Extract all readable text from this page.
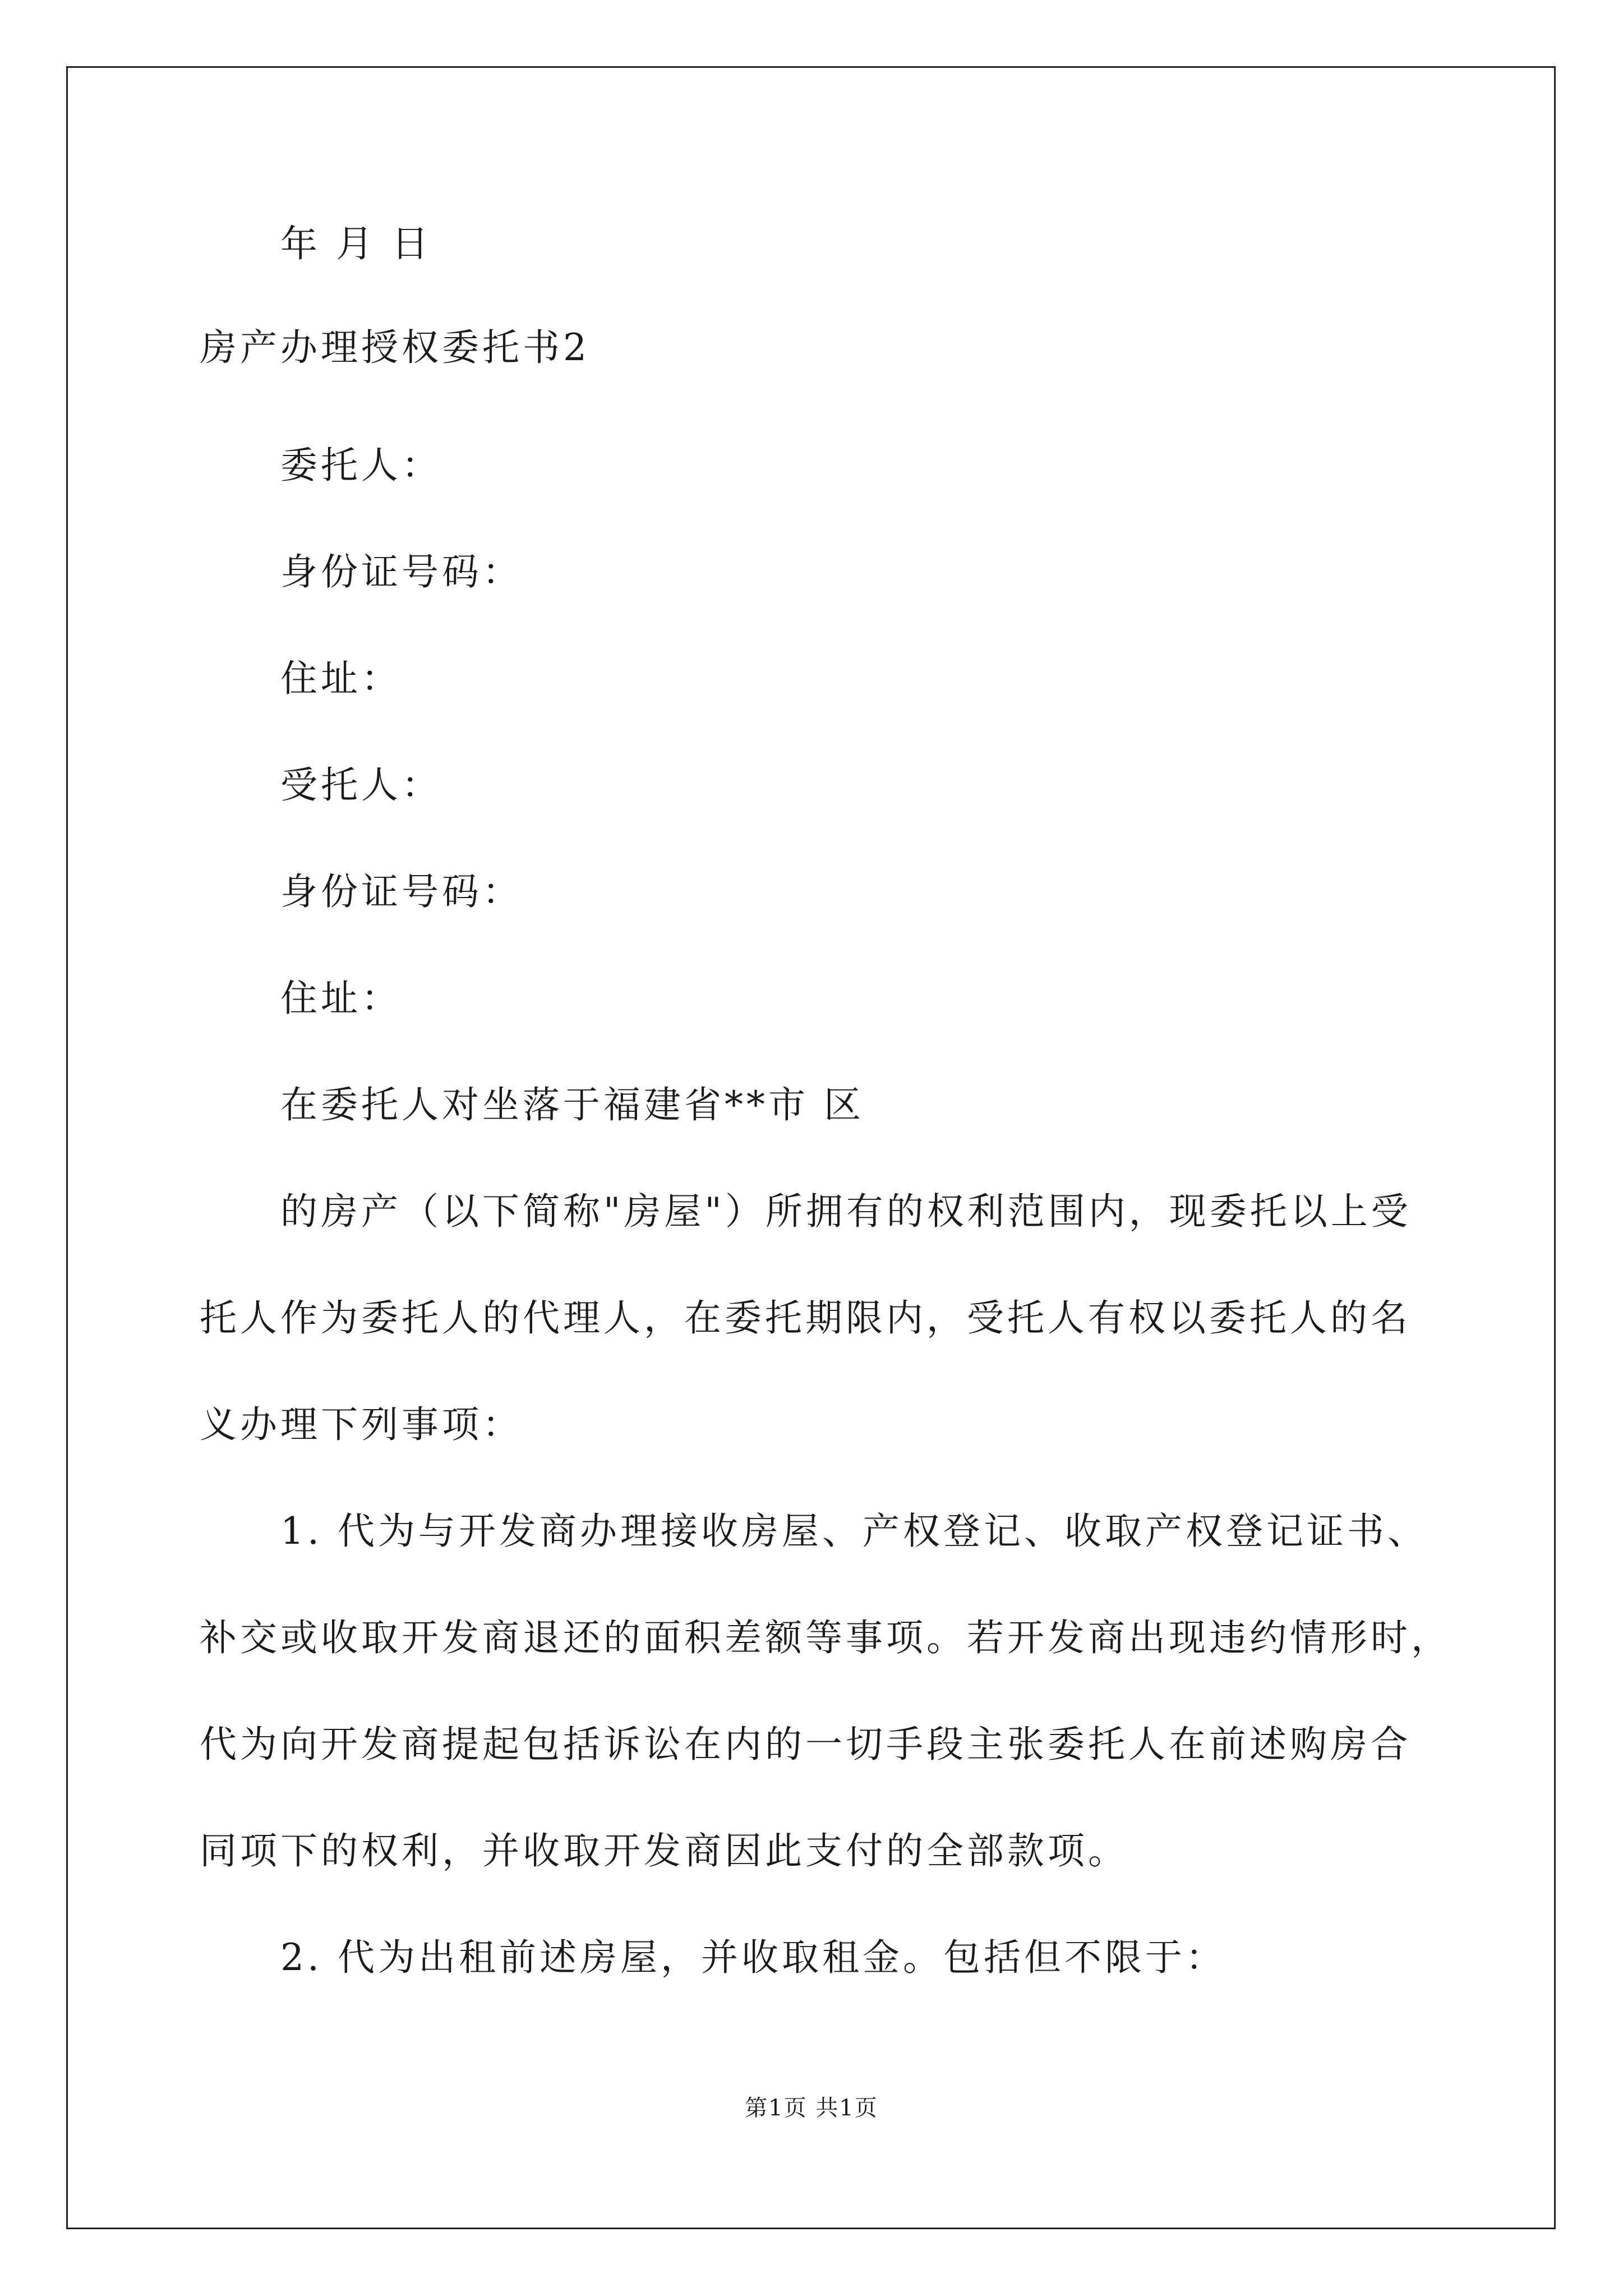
年 月 日
房产办理授权委托书2
委托人：
身份证号码：
住址：
受托人：
身份证号码：
住址：
在委托人对坐落于福建省**市 区
的房产（以下简称"房屋"）所拥有的权利范围内，现委托以上受
托人作为委托人的代理人，在委托期限内，受托人有权以委托人的名
义办理下列事项：
1. 代为与开发商办理接收房屋、产权登记、收取产权登记证书、
补交或收取开发商退还的面积差额等事项。若开发商出现违约情形时，
代为向开发商提起包括诉讼在内的一切手段主张委托人在前述购房合
同项下的权利，并收取开发商因此支付的全部款项。
2. 代为出租前述房屋，并收取租金。包括但不限于：
第1页 共1页
